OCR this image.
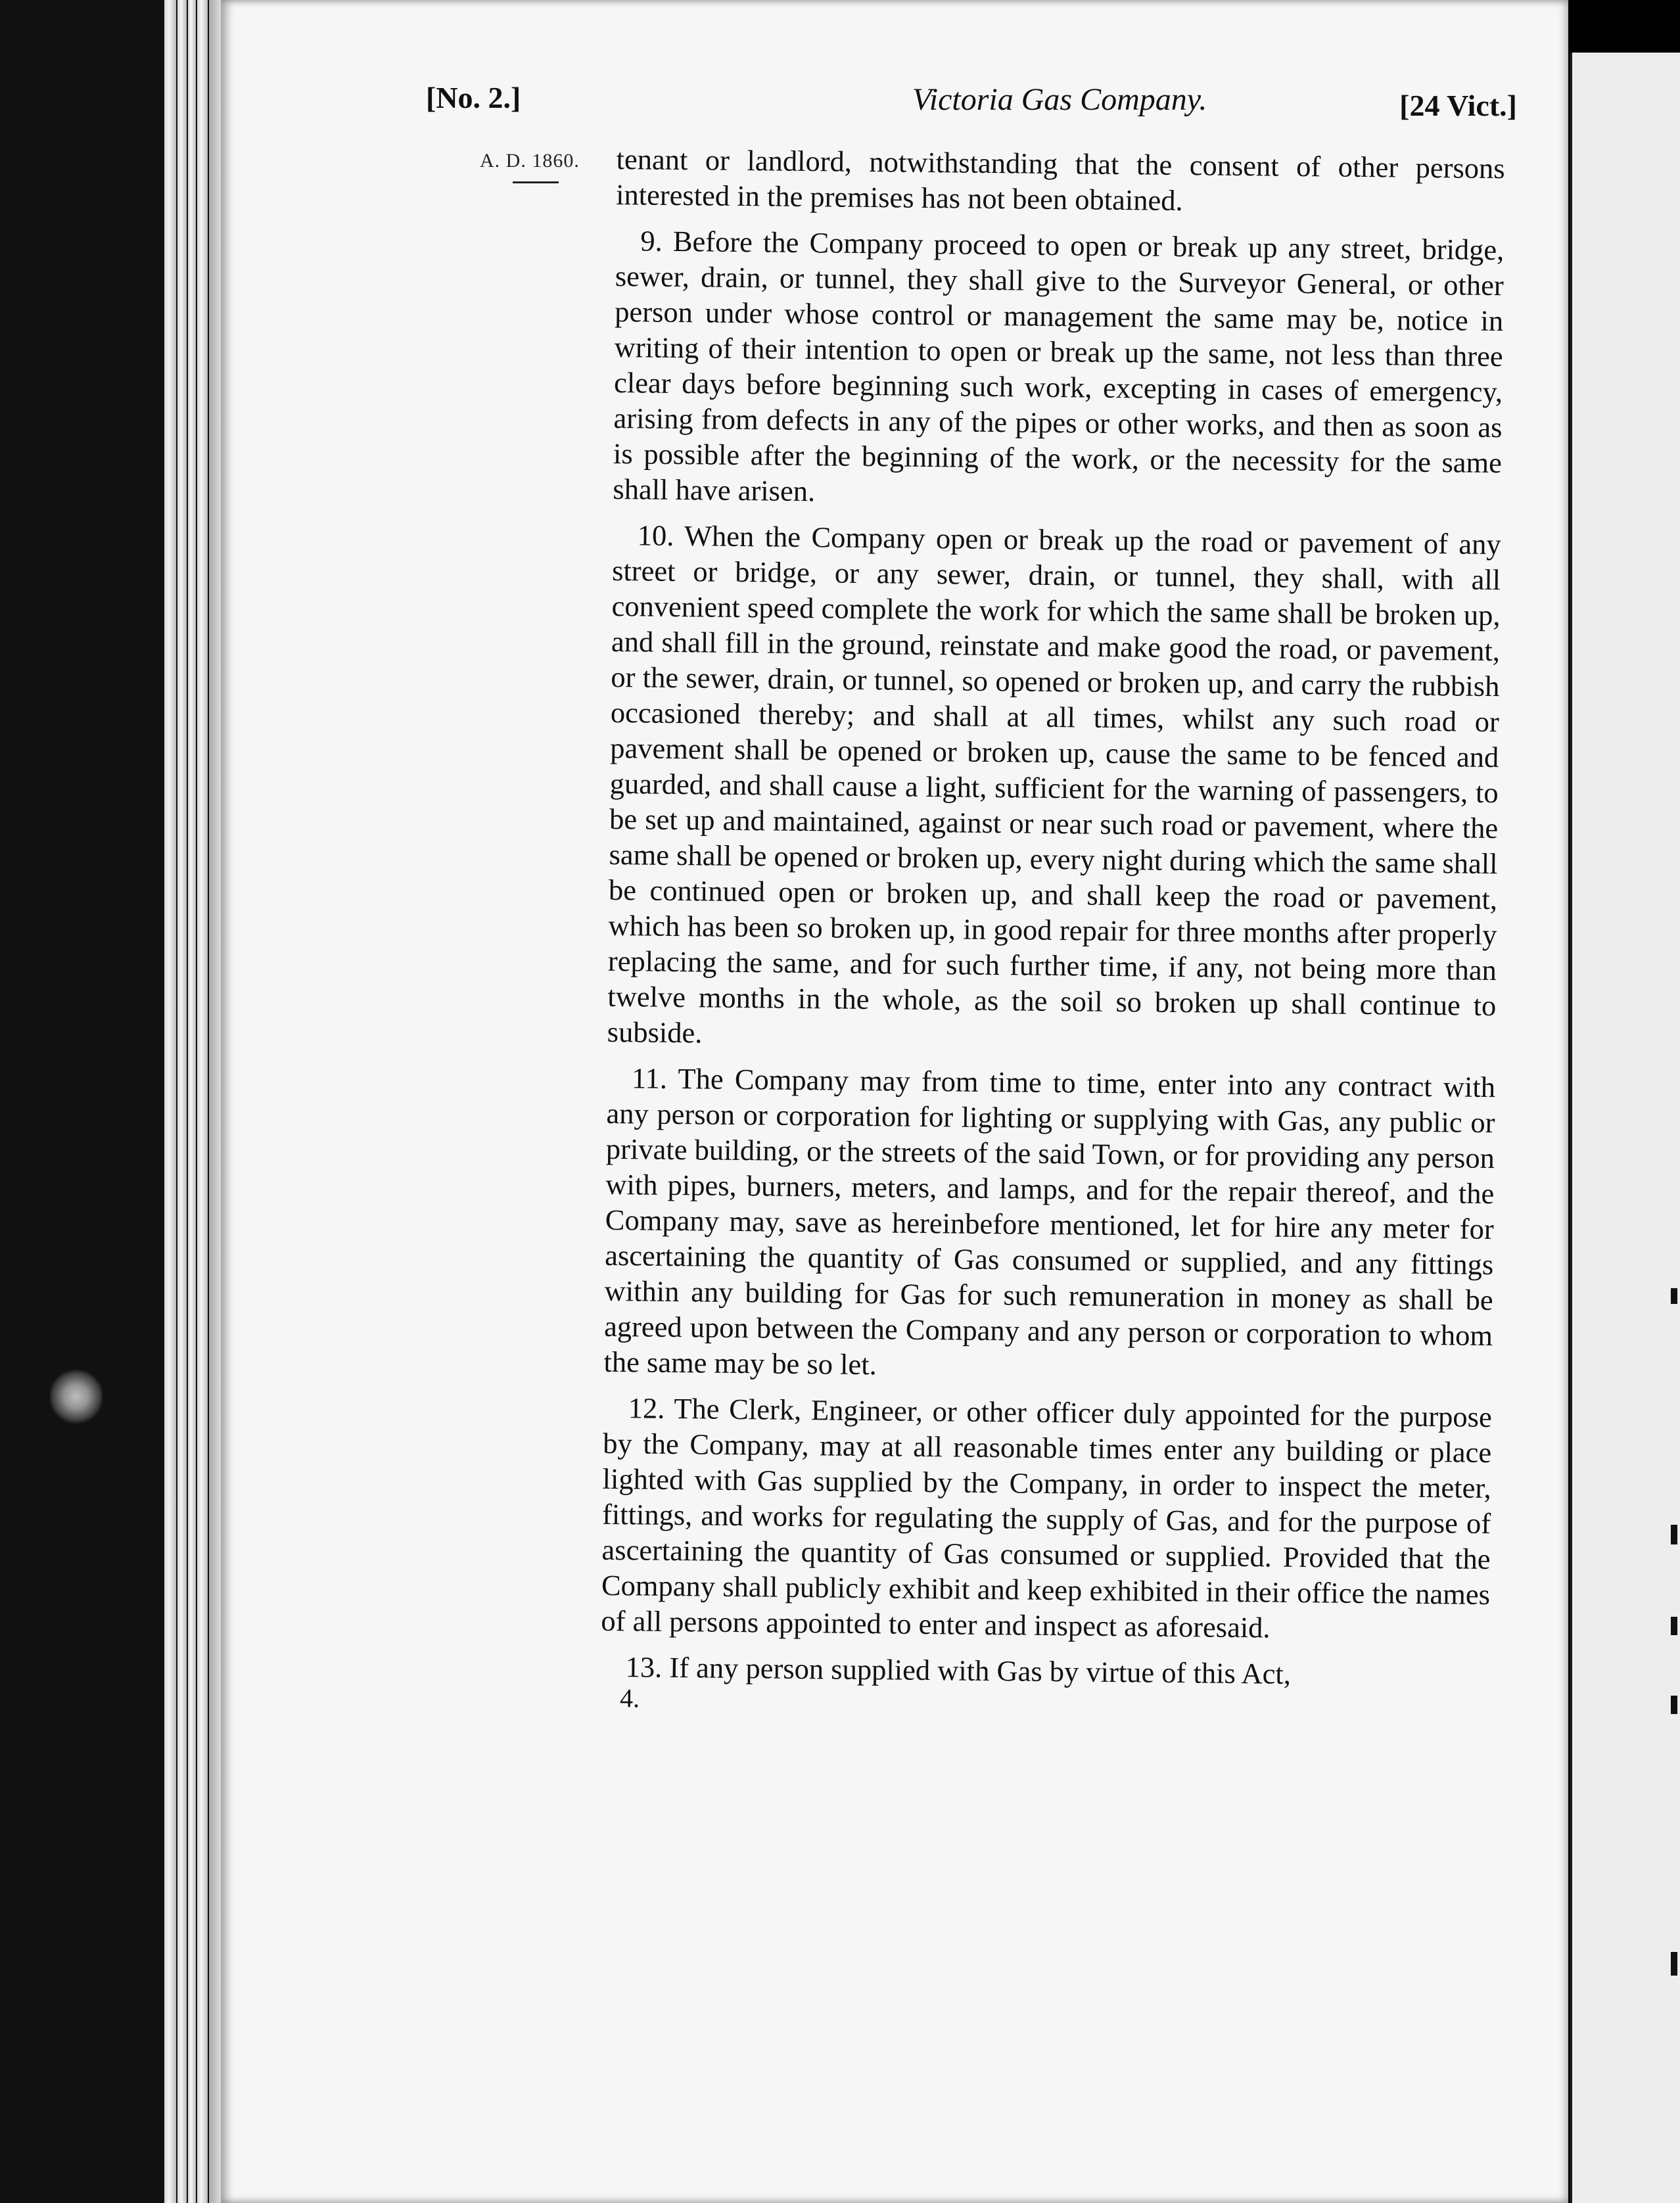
[No. 2.]	Victoria Gas Company.	[24 Vict.]
A. D. 1860. tenant or landlord, notwithstanding that the consent of other persons interested in the premises has not been obtained.

9. Before the Company proceed to open or break up any street, bridge, sewer, drain, or tunnel, they shall give to the Surveyor General, or other person under whose control or management the same may be, notice in writing of their intention to open or break up the same, not less than three clear days before beginning such work, excepting in cases of emergency, arising from defects in any of the pipes or other works, and then as soon as is possible after the beginning of the work, or the necessity for the same shall have arisen.

10. When the Company open or break up the road or pavement of any street or bridge, or any sewer, drain, or tunnel, they shall, with all convenient speed complete the work for which the same shall be broken up, and shall fill in the ground, reinstate and make good the road, or pavement, or the sewer, drain, or tunnel, so opened or broken up, and carry the rubbish occasioned thereby; and shall at all times, whilst any such road or pavement shall be opened or broken up, cause the same to be fenced and guarded, and shall cause a light, sufficient for the warning of passengers, to be set up and maintained, against or near such road or pavement, where the same shall be opened or broken up, every night during which the same shall be continued open or broken up, and shall keep the road or pavement, which has been so broken up, in good repair for three months after properly replacing the same, and for such further time, if any, not being more than twelve months in the whole, as the soil so broken up shall continue to subside.

11. The Company may from time to time, enter into any contract with any person or corporation for lighting or supplying with Gas, any public or private building, or the streets of the said Town, or for providing any person with pipes, burners, meters, and lamps, and for the repair thereof, and the Company may, save as hereinbefore mentioned, let for hire any meter for ascertaining the quantity of Gas consumed or supplied, and any fittings within any building for Gas for such remuneration in money as shall be agreed upon between the Company and any person or corporation to whom the same may be so let.

12. The Clerk, Engineer, or other officer duly appointed for the purpose by the Company, may at all reasonable times enter any building or place lighted with Gas supplied by the Company, in order to inspect the meter, fittings, and works for regulating the supply of Gas, and for the purpose of ascertaining the quantity of Gas consumed or supplied. Provided that the Company shall publicly exhibit and keep exhibited in their office the names of all persons appointed to enter and inspect as aforesaid.

13. If any person supplied with Gas by virtue of this Act,

4.
